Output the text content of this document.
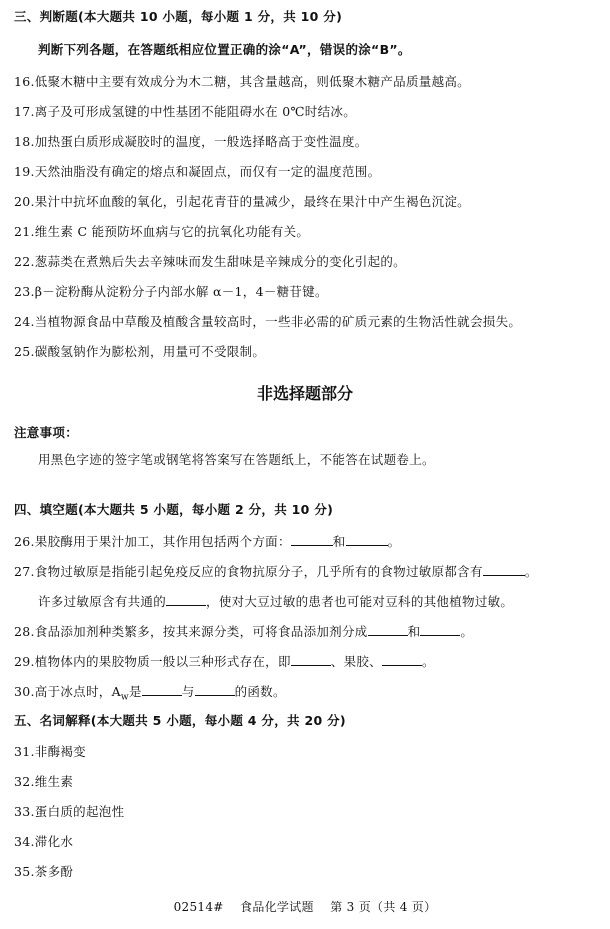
三、判断题(本大题共 10 小题，每小题 1 分，共 10 分)
判断下列各题，在答题纸相应位置正确的涂“A”，错误的涂“B”。
16.低聚木糖中主要有效成分为木二糖，其含量越高，则低聚木糖产品质量越高。
17.离子及可形成氢键的中性基团不能阻碍水在 0℃时结冰。
18.加热蛋白质形成凝胶时的温度，一般选择略高于变性温度。
19.天然油脂没有确定的熔点和凝固点，而仅有一定的温度范围。
20.果汁中抗坏血酸的氧化，引起花青苷的量减少，最终在果汁中产生褐色沉淀。
21.维生素 C 能预防坏血病与它的抗氧化功能有关。
22.葱蒜类在煮熟后失去辛辣味而发生甜味是辛辣成分的变化引起的。
23.β－淀粉酶从淀粉分子内部水解 α－1，4－糖苷键。
24.当植物源食品中草酸及植酸含量较高时，一些非必需的矿质元素的生物活性就会损失。
25.碳酸氢钠作为膨松剂，用量可不受限制。
非选择题部分
注意事项：
用黑色字迹的签字笔或钢笔将答案写在答题纸上，不能答在试题卷上。
四、填空题(本大题共 5 小题，每小题 2 分，共 10 分)
26.果胶酶用于果汁加工，其作用包括两个方面：	和	。
27.食物过敏原是指能引起免疫反应的食物抗原分子，几乎所有的食物过敏原都含有	。
许多过敏原含有共通的	，使对大豆过敏的患者也可能对豆科的其他植物过敏。
28.食品添加剂种类繁多，按其来源分类，可将食品添加剂分成	和	。
29.植物体内的果胶物质一般以三种形式存在，即	、果胶、	。
30.高于冰点时，$A_w$是	与	的函数。
五、名词解释(本大题共 5 小题，每小题 4 分，共 20 分)
31.非酶褐变
32.维生素
33.蛋白质的起泡性
34.滞化水
35.茶多酚
02514#　 食品化学试题　 第 3 页（共 4 页）
